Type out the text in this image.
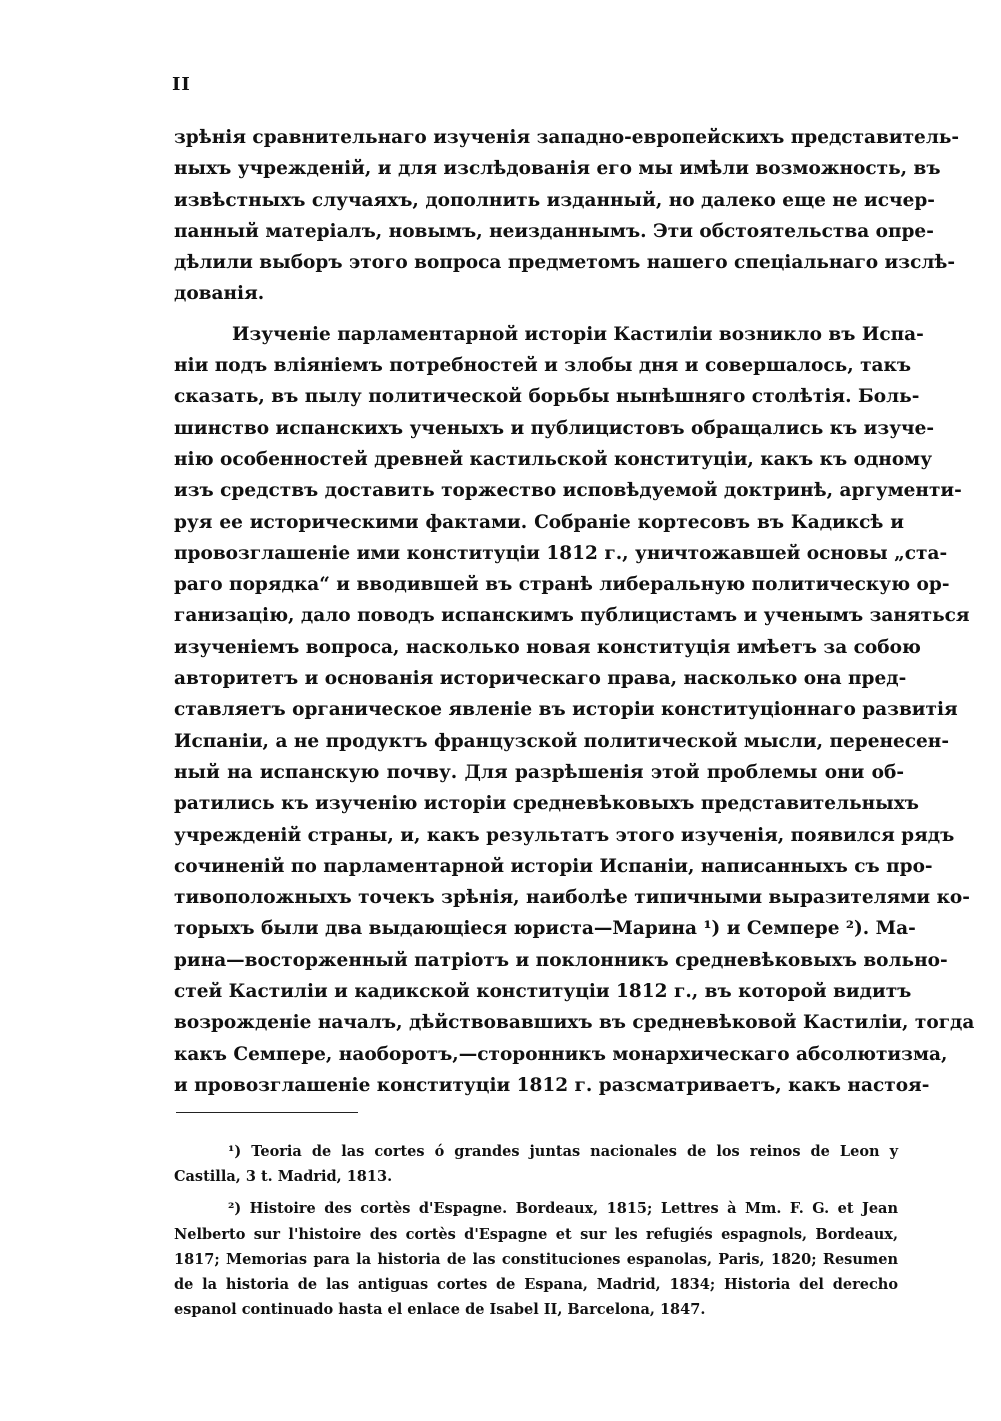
II
зрѣнія сравнительнаго изученія западно-европейскихъ представитель-
ныхъ учрежденій, и для изслѣдованія его мы имѣли возможность, въ
извѣстныхъ случаяхъ, дополнить изданный, но далеко еще не исчер-
панный матеріалъ, новымъ, неизданнымъ. Эти обстоятельства опре-
дѣлили выборъ этого вопроса предметомъ нашего спеціальнаго изслѣ-
дованія.
Изученіе парламентарной исторіи Кастиліи возникло въ Испа-
ніи подъ вліяніемъ потребностей и злобы дня и совершалось, такъ
сказать, въ пылу политической борьбы нынѣшняго столѣтія. Боль-
шинство испанскихъ ученыхъ и публицистовъ обращались къ изуче-
нію особенностей древней кастильской конституціи, какъ къ одному
изъ средствъ доставить торжество исповѣдуемой доктринѣ, аргументи-
руя ее историческими фактами. Собраніе кортесовъ въ Кадиксѣ и
провозглашеніе ими конституціи 1812 г., уничтожавшей основы „ста-
раго порядка“ и вводившей въ странѣ либеральную политическую ор-
ганизацію, дало поводъ испанскимъ публицистамъ и ученымъ заняться
изученіемъ вопроса, насколько новая конституція имѣетъ за собою
авторитетъ и основанія историческаго права, насколько она пред-
ставляетъ органическое явленіе въ исторіи конституціоннаго развитія
Испаніи, а не продуктъ французской политической мысли, перенесен-
ный на испанскую почву. Для разрѣшенія этой проблемы они об-
ратились къ изученію исторіи средневѣковыхъ представительныхъ
учрежденій страны, и, какъ результатъ этого изученія, появился рядъ
сочиненій по парламентарной исторіи Испаніи, написанныхъ съ про-
тивоположныхъ точекъ зрѣнія, наиболѣе типичными выразителями ко-
торыхъ были два выдающіеся юриста—Марина ¹) и Семпере ²). Ма-
рина—восторженный патріотъ и поклонникъ средневѣковыхъ вольно-
стей Кастиліи и кадикской конституціи 1812 г., въ которой видитъ
возрожденіе началъ, дѣйствовавшихъ въ средневѣковой Кастиліи, тогда
какъ Семпере, наоборотъ,—сторонникъ монархическаго абсолютизма,
и провозглашеніе конституціи 1812 г. разсматриваетъ, какъ настоя-
¹) Teoria de las cortes ó grandes juntas nacionales de los reinos de Leon y
Castilla, 3 t. Madrid, 1813.
²) Histoire des cortès d'Espagne. Bordeaux, 1815; Lettres à Mm. F. G. et Jean
Nelberto sur l'histoire des cortès d'Espagne et sur les refugiés espagnols, Bordeaux,
1817; Memorias para la historia de las constituciones espanolas, Paris, 1820; Resumen
de la historia de las antiguas cortes de Espana, Madrid, 1834; Historia del derecho
espanol continuado hasta el enlace de Isabel II, Barcelona, 1847.
